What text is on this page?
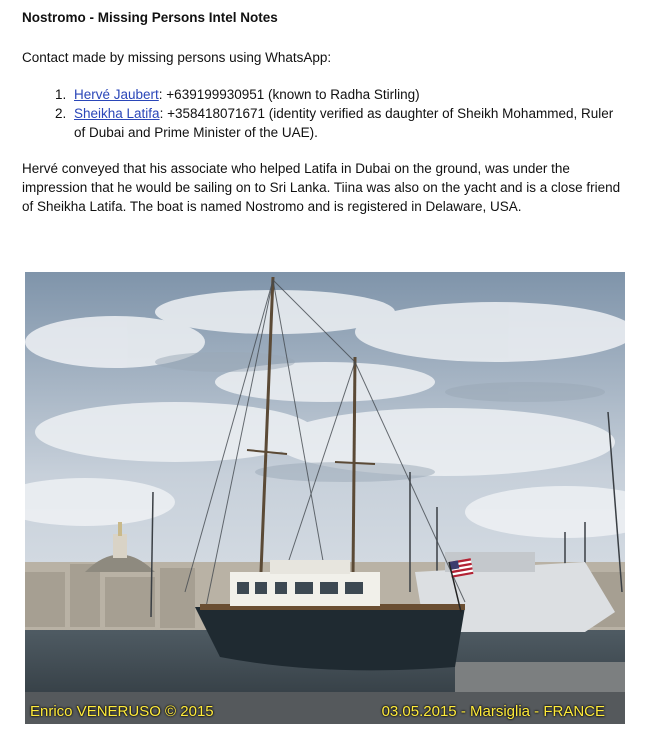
Nostromo - Missing Persons Intel Notes

Contact made by missing persons using WhatsApp:

1. Hervé Jaubert: +639199930951 (known to Radha Stirling)
2. Sheikha Latifa: +358418071671 (identity verified as daughter of Sheikh Mohammed, Ruler of Dubai and Prime Minister of the UAE).

Hervé conveyed that his associate who helped Latifa in Dubai on the ground, was under the impression that he would be sailing on to Sri Lanka. Tiina was also on the yacht and is a close friend of Sheikha Latifa. The boat is named Nostromo and is registered in Delaware, USA.

Enrico VENERUSO © 2015	03.05.2015 - Marsiglia - FRANCE
